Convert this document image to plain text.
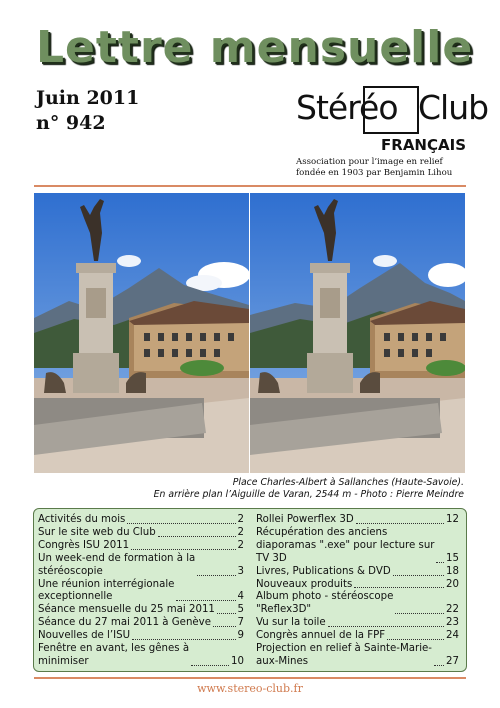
Lettre mensuelle
Juin 2011
n° 942	Stéréo Club
FRANÇAIS
Association pour l’image en relief
fondée en 1903 par Benjamin Lihou
Place Charles-Albert à Sallanches (Haute-Savoie).
En arrière plan l’Aiguille de Varan, 2544 m - Photo : Pierre Meindre
Activités du mois	2
Sur le site web du Club	2
Congrès ISU 2011	2
Un week-end de formation à la
stéréoscopie	3
Une réunion interrégionale
exceptionnelle	4
Séance mensuelle du 25 mai 2011 5
Séance du 27 mai 2011 à Genève	7
Nouvelles de l’ISU	9
Fenêtre en avant, les gênes à
minimiser	10
Rollei Powerflex 3D	12
Récupération des anciens
diaporamas ".exe" pour lecture sur
TV 3D	15
Livres, Publications & DVD	18
Nouveaux produits	20
Album photo - stéréoscope
"Reflex3D"	22
Vu sur la toile	23
Congrès annuel de la FPF	24
Projection en relief à Sainte-Marie-
aux-Mines	27
www.stereo-club.fr
